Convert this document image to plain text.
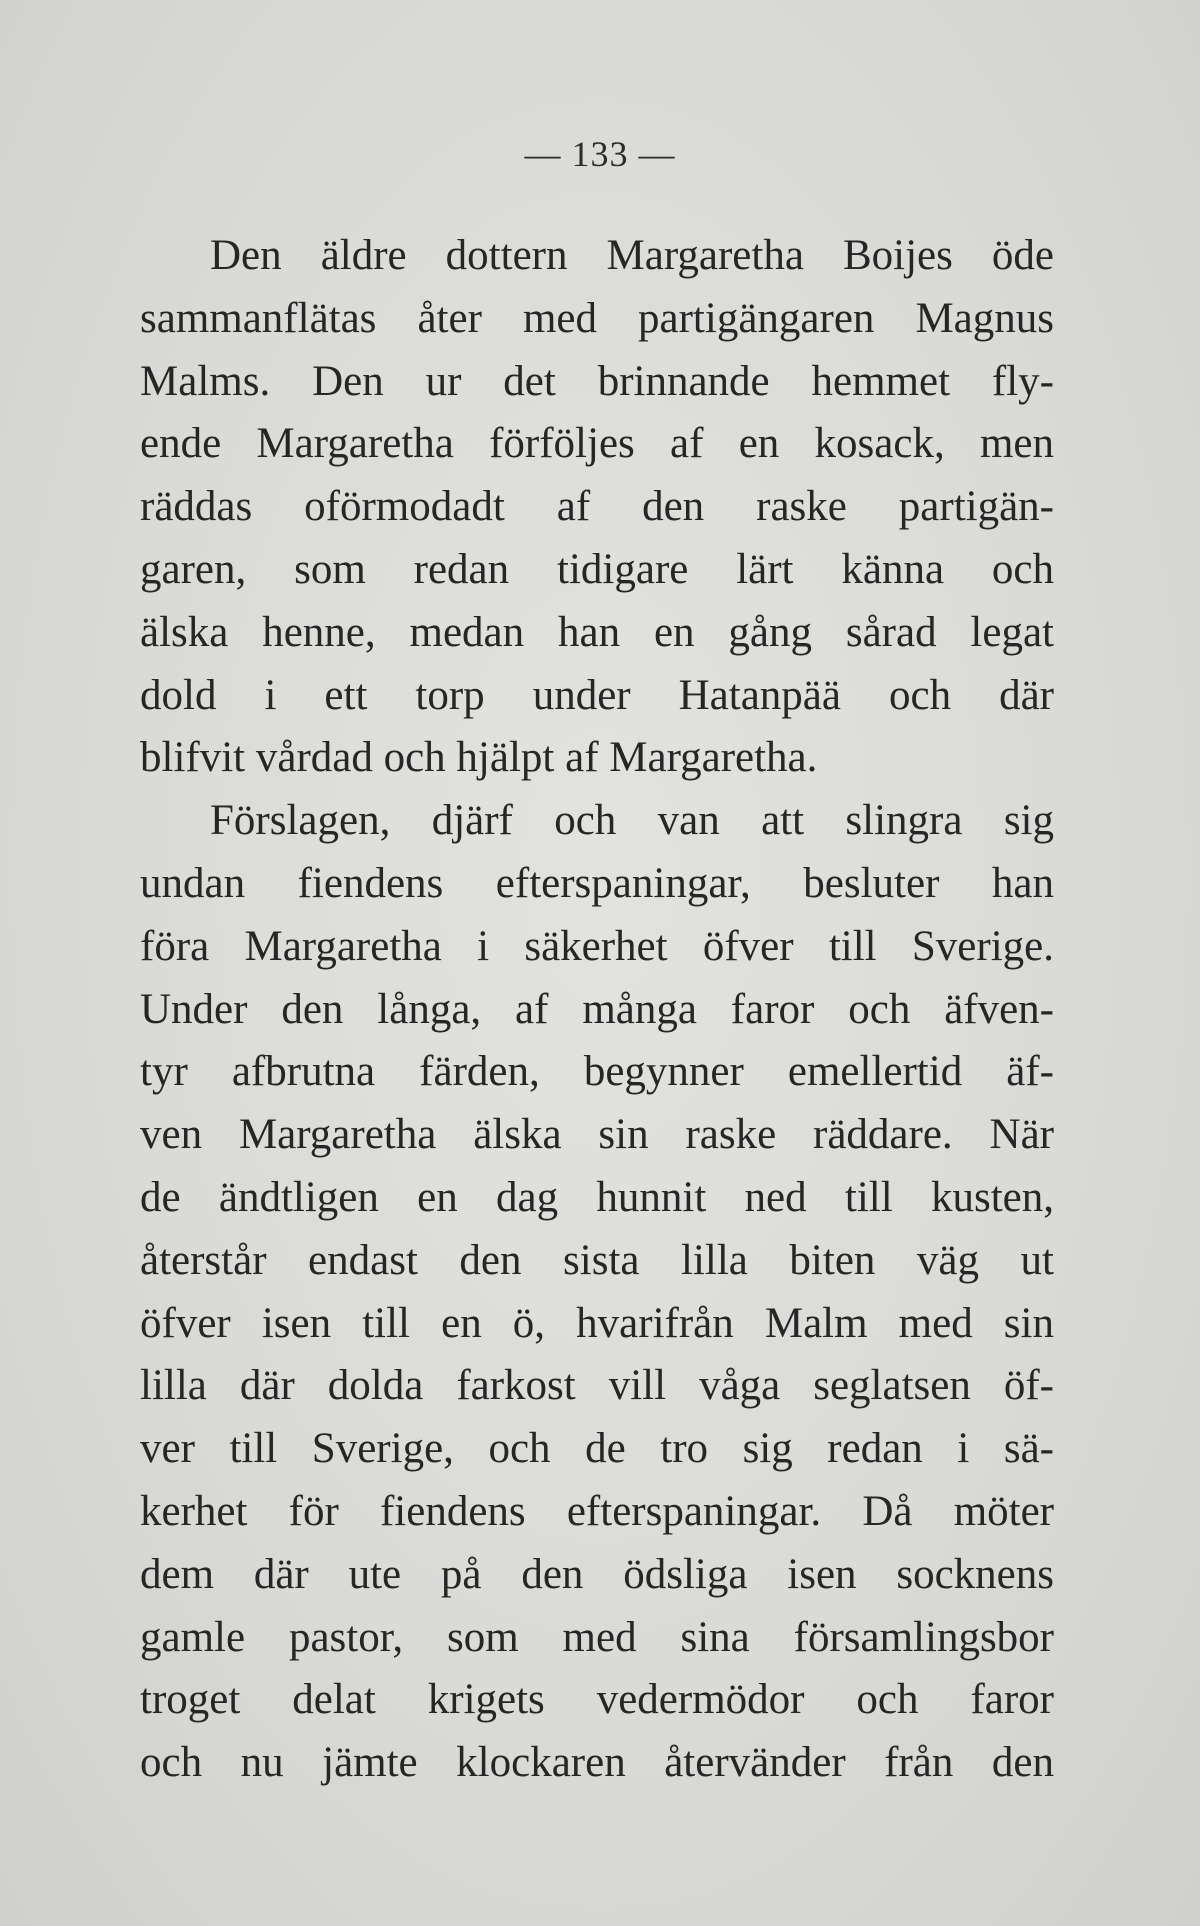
— 133 —
Den äldre dottern Margaretha Boijes öde
sammanflätas åter med partigängaren Magnus
Malms. Den ur det brinnande hemmet fly-
ende Margaretha förföljes af en kosack, men
räddas oförmodadt af den raske partigän-
garen, som redan tidigare lärt känna och
älska henne, medan han en gång sårad legat
dold i ett torp under Hatanpää och där
blifvit vårdad och hjälpt af Margaretha.
Förslagen, djärf och van att slingra sig
undan fiendens efterspaningar, besluter han
föra Margaretha i säkerhet öfver till Sverige.
Under den långa, af många faror och äfven-
tyr afbrutna färden, begynner emellertid äf-
ven Margaretha älska sin raske räddare. När
de ändtligen en dag hunnit ned till kusten,
återstår endast den sista lilla biten väg ut
öfver isen till en ö, hvarifrån Malm med sin
lilla där dolda farkost vill våga seglatsen öf-
ver till Sverige, och de tro sig redan i sä-
kerhet för fiendens efterspaningar. Då möter
dem där ute på den ödsliga isen socknens
gamle pastor, som med sina församlingsbor
troget delat krigets vedermödor och faror
och nu jämte klockaren återvänder från den
